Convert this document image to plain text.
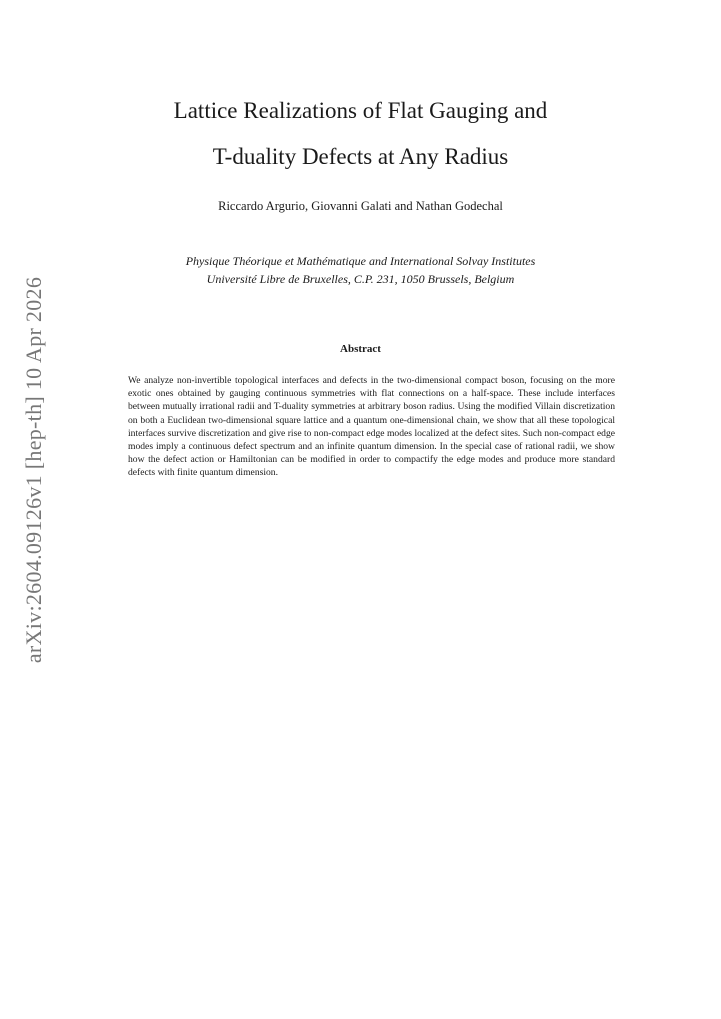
arXiv:2604.09126v1 [hep-th] 10 Apr 2026
Lattice Realizations of Flat Gauging and
T-duality Defects at Any Radius
Riccardo Argurio, Giovanni Galati and Nathan Godechal
Physique Théorique et Mathématique and International Solvay Institutes
Université Libre de Bruxelles, C.P. 231, 1050 Brussels, Belgium
Abstract
We analyze non-invertible topological interfaces and defects in the two-dimensional compact boson, focusing on the more exotic ones obtained by gauging continuous symmetries with flat connections on a half-space. These include interfaces between mutually irrational radii and T-duality symmetries at arbitrary boson radius. Using the modified Villain discretization on both a Euclidean two-dimensional square lattice and a quantum one-dimensional chain, we show that all these topological interfaces survive discretization and give rise to non-compact edge modes localized at the defect sites. Such non-compact edge modes imply a continuous defect spectrum and an infinite quantum dimension. In the special case of rational radii, we show how the defect action or Hamiltonian can be modified in order to compactify the edge modes and produce more standard defects with finite quantum dimension.
